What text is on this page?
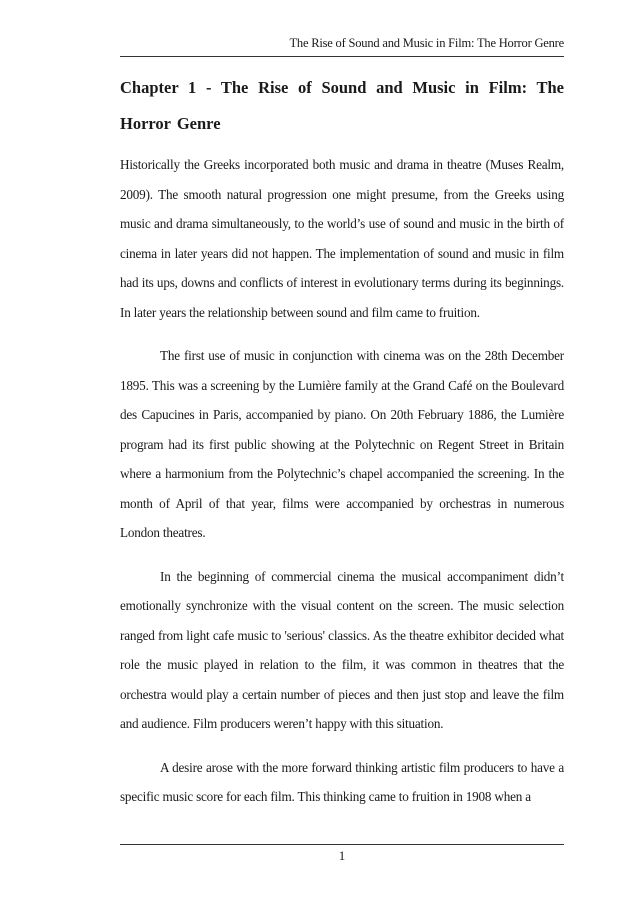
The Rise of Sound and Music in Film: The Horror Genre
Chapter 1 - The Rise of Sound and Music in Film: The Horror Genre

Historically the Greeks incorporated both music and drama in theatre (Muses Realm, 2009). The smooth natural progression one might presume, from the Greeks using music and drama simultaneously, to the world’s use of sound and music in the birth of cinema in later years did not happen. The implementation of sound and music in film had its ups, downs and conflicts of interest in evolutionary terms during its beginnings. In later years the relationship between sound and film came to fruition.

The first use of music in conjunction with cinema was on the 28th December 1895. This was a screening by the Lumière family at the Grand Café on the Boulevard des Capucines in Paris, accompanied by piano. On 20th February 1886, the Lumière program had its first public showing at the Polytechnic on Regent Street in Britain where a harmonium from the Polytechnic’s chapel accompanied the screening. In the month of April of that year, films were accompanied by orchestras in numerous London theatres.

In the beginning of commercial cinema the musical accompaniment didn’t emotionally synchronize with the visual content on the screen. The music selection ranged from light cafe music to 'serious' classics. As the theatre exhibitor decided what role the music played in relation to the film, it was common in theatres that the orchestra would play a certain number of pieces and then just stop and leave the film and audience. Film producers weren’t happy with this situation.

A desire arose with the more forward thinking artistic film producers to have a specific music score for each film. This thinking came to fruition in 1908 when a

1
